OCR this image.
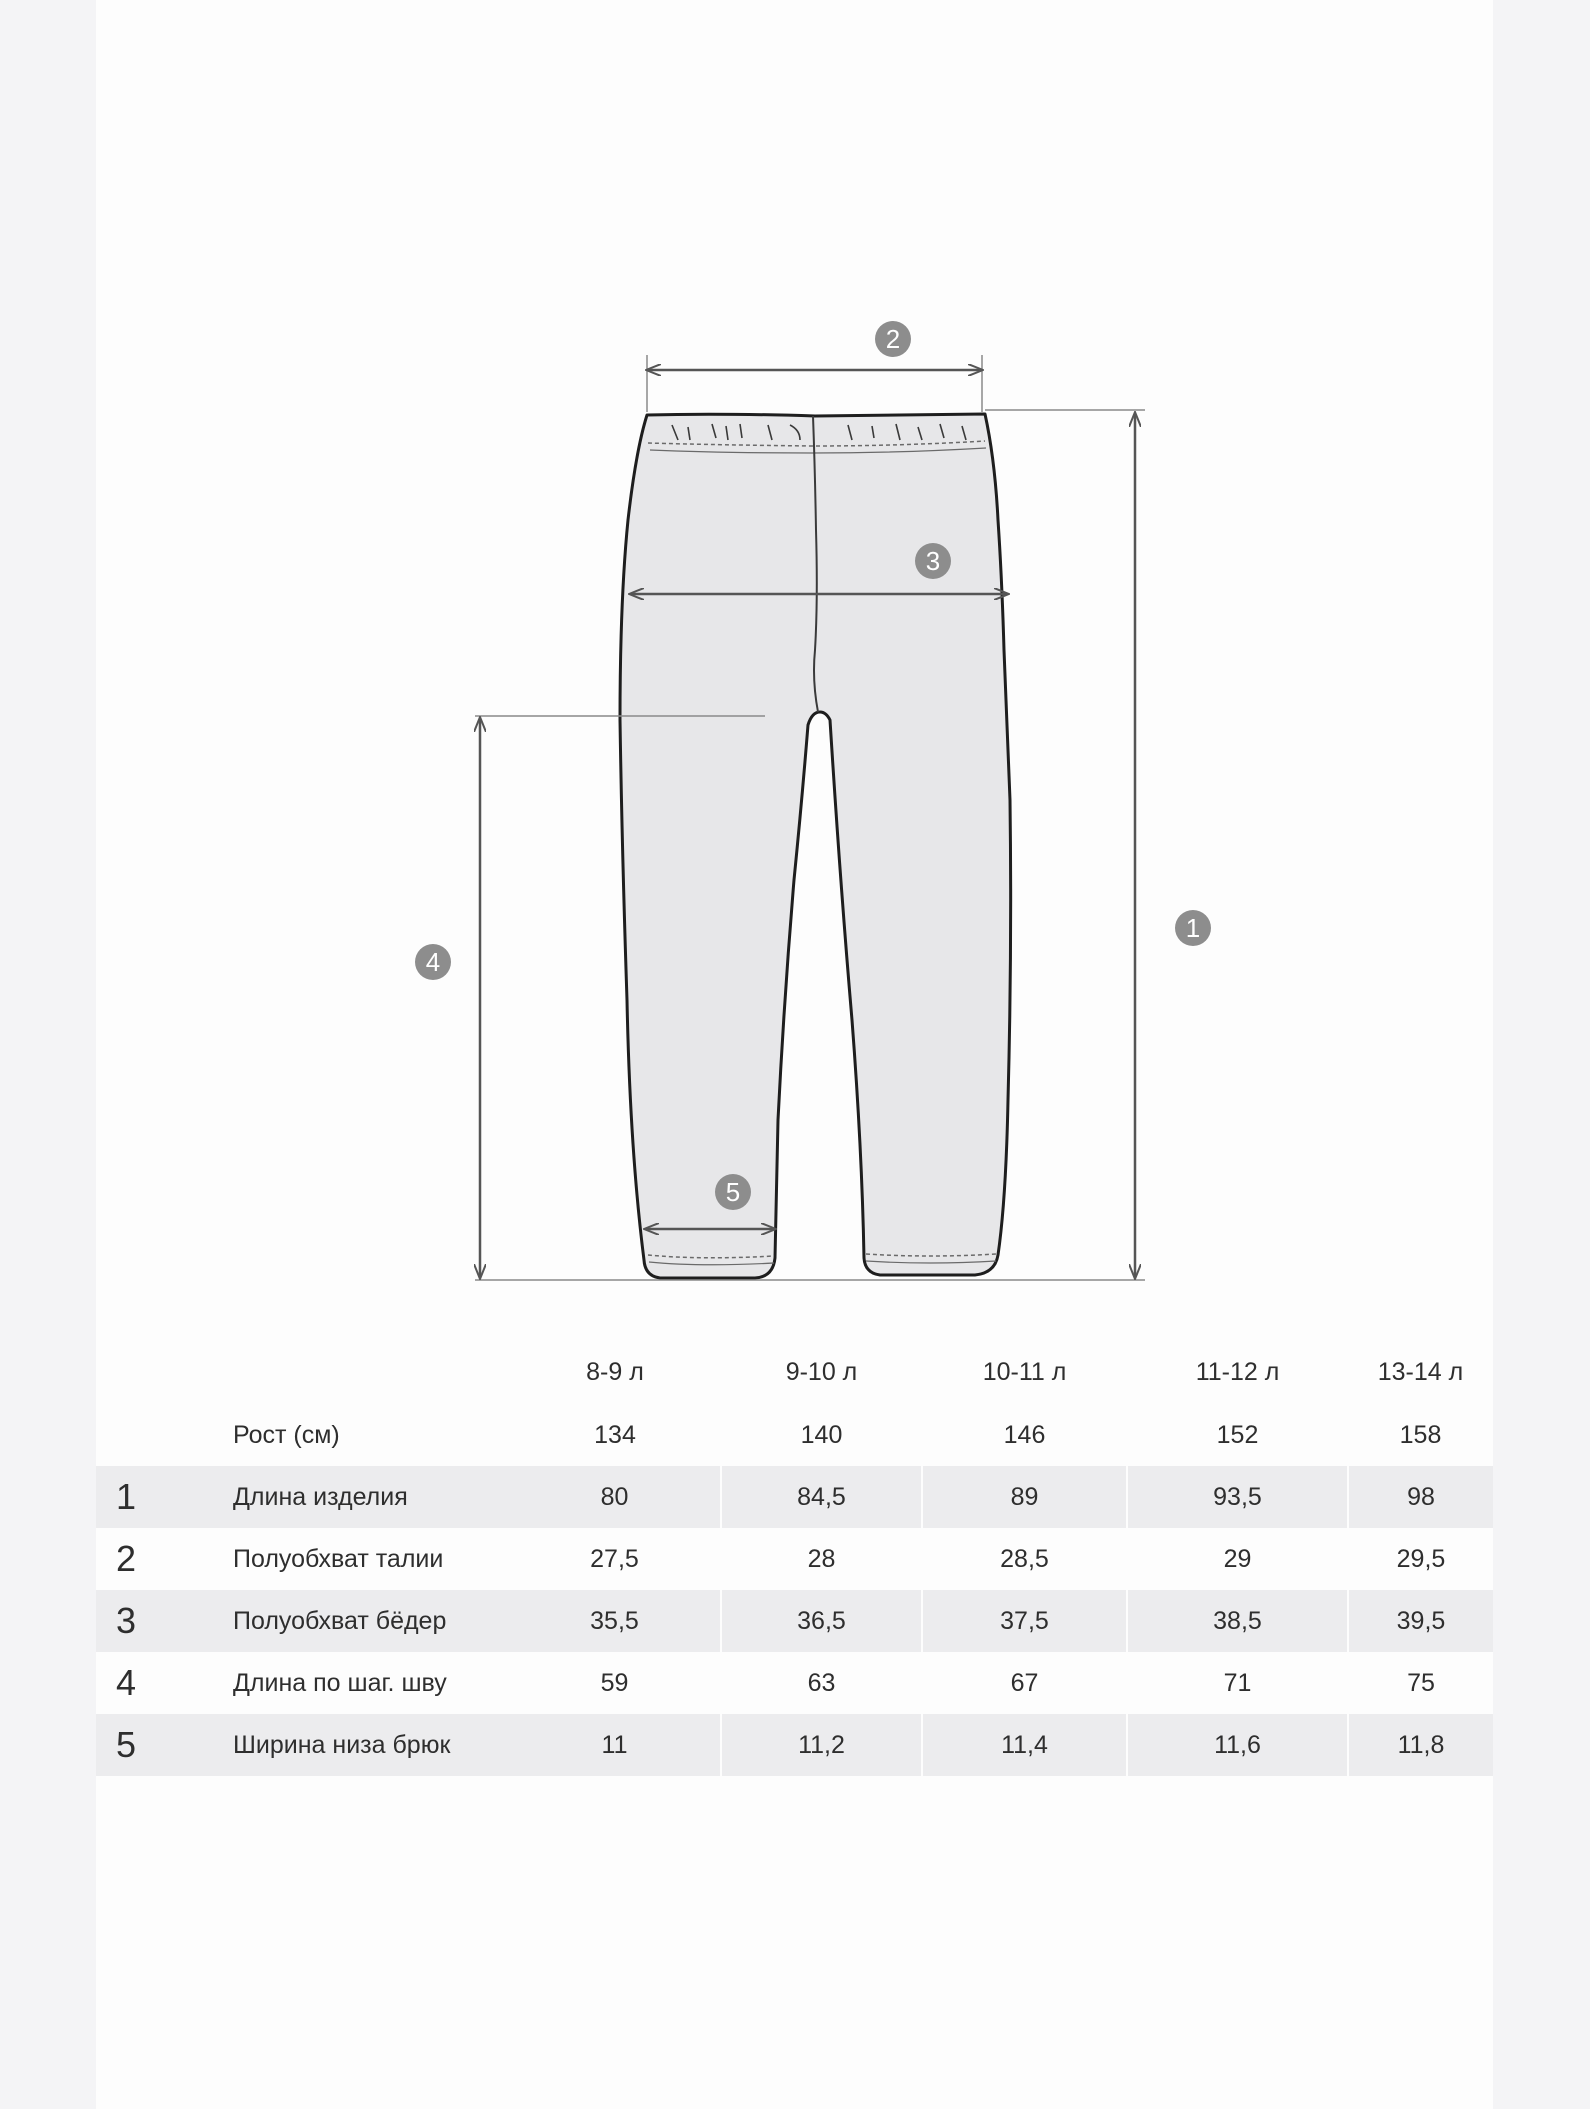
2
3
1
4
5
		8-9 л	9-10 л	10-11 л	11-12 л	13-14 л
	Рост (см)	134	140	146	152	158
1	Длина изделия	80	84,5	89	93,5	98
2	Полуобхват талии	27,5	28	28,5	29	29,5
3	Полуобхват бёдер	35,5	36,5	37,5	38,5	39,5
4	Длина по шаг. шву	59	63	67	71	75
5	Ширина низа брюк	11	11,2	11,4	11,6	11,8
